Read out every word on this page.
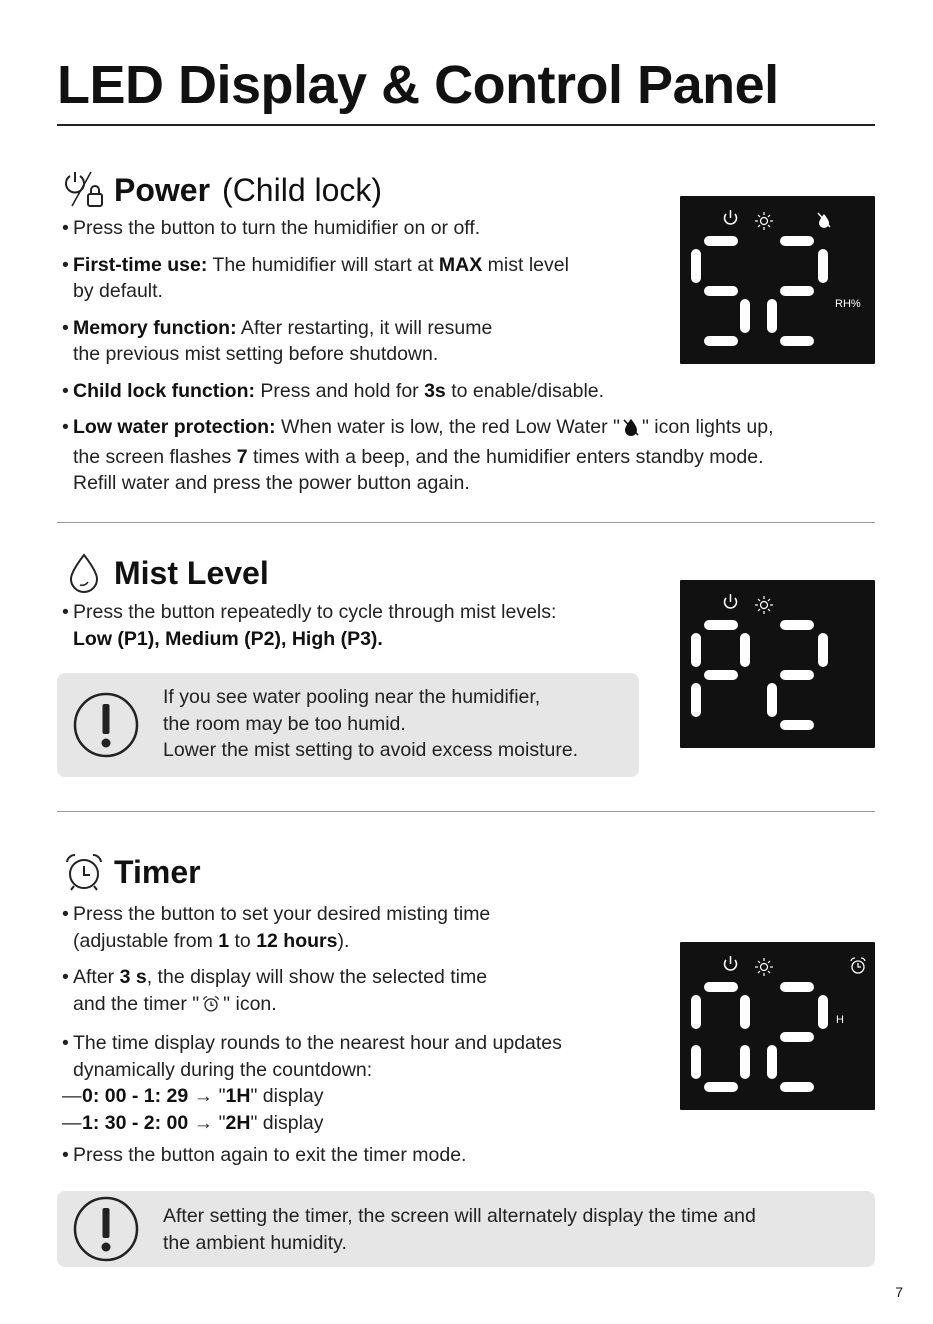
LED Display & Control Panel
Power (Child lock)
• Press the button to turn the humidifier on or off.
• First-time use: The humidifier will start at MAX mist level
by default.
• Memory function: After restarting, it will resume
the previous mist setting before shutdown.
• Child lock function: Press and hold for 3s to enable/disable.
• Low water protection: When water is low, the red Low Water " " icon lights up,
the screen flashes 7 times with a beep, and the humidifier enters standby mode.
Refill water and press the power button again.
RH%
Mist Level
• Press the button repeatedly to cycle through mist levels:
Low (P1), Medium (P2), High (P3).
If you see water pooling near the humidifier,
the room may be too humid.
Lower the mist setting to avoid excess moisture.
Timer
• Press the button to set your desired misting time
(adjustable from 1 to 12 hours).
• After 3 s, the display will show the selected time
and the timer " " icon.
• The time display rounds to the nearest hour and updates
dynamically during the countdown:
—0: 00 - 1: 29 → "1H" display
—1: 30 - 2: 00 → "2H" display
• Press the button again to exit the timer mode.
H
After setting the timer, the screen will alternately display the time and
the ambient humidity.
7
